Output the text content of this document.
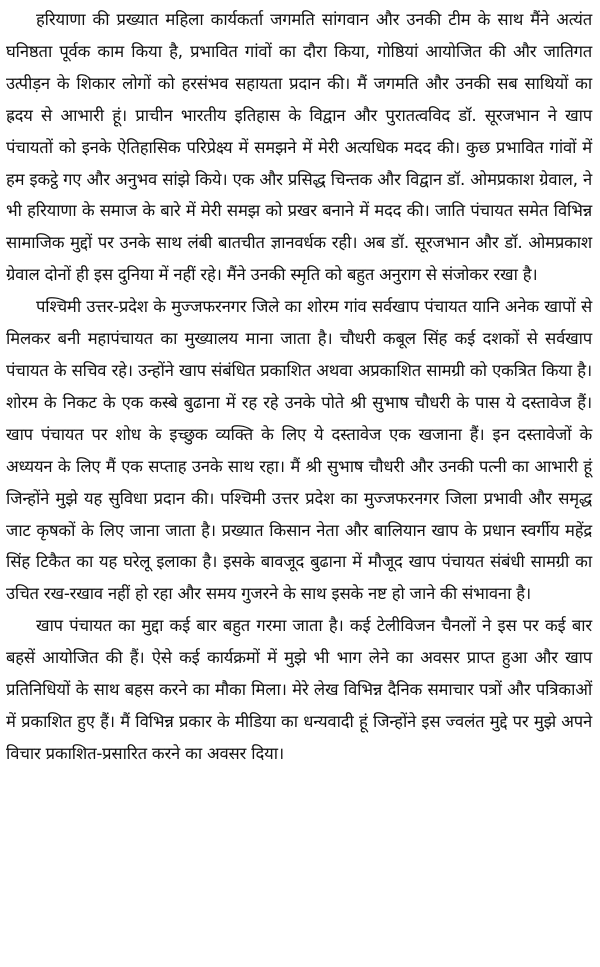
हरियाणा की प्रख्यात महिला कार्यकर्ता जगमति सांगवान और उनकी टीम के साथ मैंने अत्यंत घनिष्ठता पूर्वक काम किया है, प्रभावित गांवों का दौरा किया, गोष्ठियां आयोजित की और जातिगत उत्पीड़न के शिकार लोगों को हरसंभव सहायता प्रदान की। मैं जगमति और उनकी सब साथियों का ह्रदय से आभारी हूं। प्राचीन भारतीय इतिहास के विद्वान और पुरातत्वविद डॉ. सूरजभान ने खाप पंचायतों को इनके ऐतिहासिक परिप्रेक्ष्य में समझने में मेरी अत्यधिक मदद की। कुछ प्रभावित गांवों में हम इकट्ठे गए और अनुभव सांझे किये। एक और प्रसिद्ध चिन्तक और विद्वान डॉ. ओमप्रकाश ग्रेवाल, ने भी हरियाणा के समाज के बारे में मेरी समझ को प्रखर बनाने में मदद की। जाति पंचायत समेत विभिन्न सामाजिक मुद्दों पर उनके साथ लंबी बातचीत ज्ञानवर्धक रही। अब डॉ. सूरजभान और डॉ. ओमप्रकाश ग्रेवाल दोनों ही इस दुनिया में नहीं रहे। मैंने उनकी स्मृति को बहुत अनुराग से संजोकर रखा है।

पश्चिमी उत्तर-प्रदेश के मुज्जफरनगर जिले का शोरम गांव सर्वखाप पंचायत यानि अनेक खापों से मिलकर बनी महापंचायत का मुख्यालय माना जाता है। चौधरी कबूल सिंह कई दशकों से सर्वखाप पंचायत के सचिव रहे। उन्होंने खाप संबंधित प्रकाशित अथवा अप्रकाशित सामग्री को एकत्रित किया है। शोरम के निकट के एक कस्बे बुढाना में रह रहे उनके पोते श्री सुभाष चौधरी के पास ये दस्तावेज हैं। खाप पंचायत पर शोध के इच्छुक व्यक्ति के लिए ये दस्तावेज एक खजाना हैं। इन दस्तावेजों के अध्ययन के लिए मैं एक सप्ताह उनके साथ रहा। मैं श्री सुभाष चौधरी और उनकी पत्नी का आभारी हूं जिन्होंने मुझे यह सुविधा प्रदान की। पश्चिमी उत्तर प्रदेश का मुज्जफरनगर जिला प्रभावी और समृद्ध जाट कृषकों के लिए जाना जाता है। प्रख्यात किसान नेता और बालियान खाप के प्रधान स्वर्गीय महेंद्र सिंह टिकैत का यह घरेलू इलाका है। इसके बावजूद बुढाना में मौजूद खाप पंचायत संबंधी सामग्री का उचित रख-रखाव नहीं हो रहा और समय गुजरने के साथ इसके नष्ट हो जाने की संभावना है।

खाप पंचायत का मुद्दा कई बार बहुत गरमा जाता है। कई टेलीविजन चैनलों ने इस पर कई बार बहसें आयोजित की हैं। ऐसे कई कार्यक्रमों में मुझे भी भाग लेने का अवसर प्राप्त हुआ और खाप प्रतिनिधियों के साथ बहस करने का मौका मिला। मेरे लेख विभिन्न दैनिक समाचार पत्रों और पत्रिकाओं में प्रकाशित हुए हैं। मैं विभिन्न प्रकार के मीडिया का धन्यवादी हूं जिन्होंने इस ज्वलंत मुद्दे पर मुझे अपने विचार प्रकाशित-प्रसारित करने का अवसर दिया।
